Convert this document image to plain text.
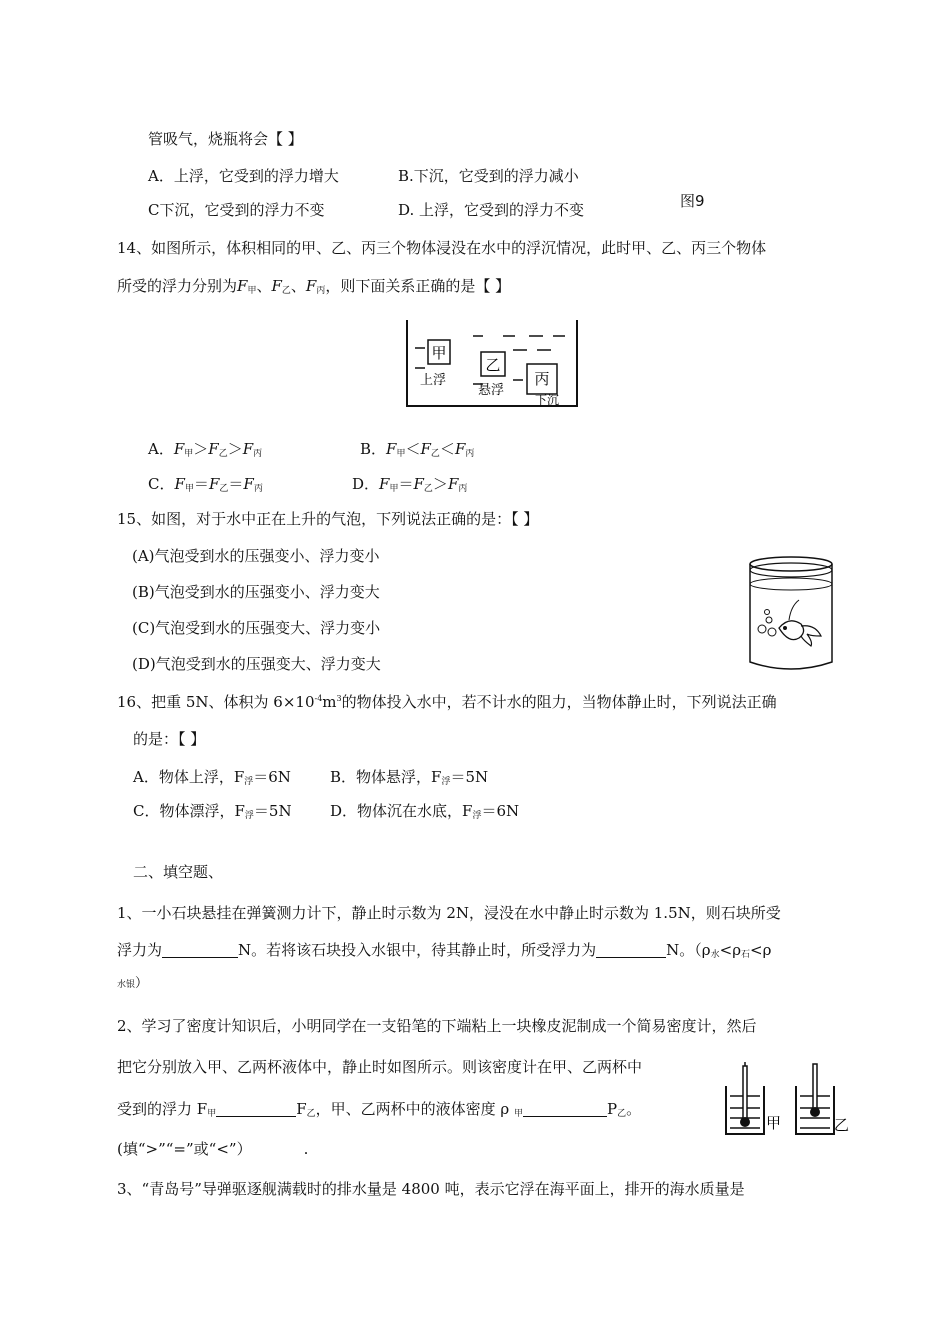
管吸气，烧瓶将会【 】
A．上浮，它受到的浮力增大	B.下沉，它受到的浮力减小
C下沉，它受到的浮力不变	D. 上浮，它受到的浮力不变	图9
14、如图所示，体积相同的甲、乙、丙三个物体浸没在水中的浮沉情况，此时甲、乙、丙三个物体
所受的浮力分别为$F_甲$、$F_乙$、$F_丙$，则下面关系正确的是【 】
甲
上浮
乙
悬浮
丙
下沉
A．$F_甲>F_乙>F_丙$	B．$F_甲<F_乙<F_丙$
C．$F_甲=F_乙=F_丙$	D．$F_甲=F_乙>F_丙$
15、如图，对于水中正在上升的气泡，下列说法正确的是：【 】
(A)气泡受到水的压强变小、浮力变小
(B)气泡受到水的压强变小、浮力变大
(C)气泡受到水的压强变大、浮力变小
(D)气泡受到水的压强变大、浮力变大
16、把重 5N、体积为 $6\times 10^{-4}m^3$的物体投入水中，若不计水的阻力，当物体静止时，下列说法正确
的是：【 】
A．物体上浮，$F_浮=6N$	B．物体悬浮，$F_浮=5N$
C．物体漂浮，$F_浮=5N$	D．物体沉在水底，$F_浮=6N$
二、填空题、
1、一小石块悬挂在弹簧测力计下，静止时示数为 2N，浸没在水中静止时示数为 1.5N，则石块所受
浮力为	N。若将该石块投入水银中，待其静止时，所受浮力为	N。（$\rho_水<\rho_石<\rho$
水银）
2、学习了密度计知识后，小明同学在一支铅笔的下端粘上一块橡皮泥制成一个简易密度计，然后
把它分别放入甲、乙两杯液体中，静止时如图所示。则该密度计在甲、乙两杯中
受到的浮力 $F_甲$	$F_乙$，甲、乙两杯中的液体密度 ρ $_甲$	$P_乙$。
(填“>”“=”或“<”）	.
甲	乙
3、“青岛号”导弹驱逐舰满载时的排水量是 4800 吨，表示它浮在海平面上，排开的海水质量是
